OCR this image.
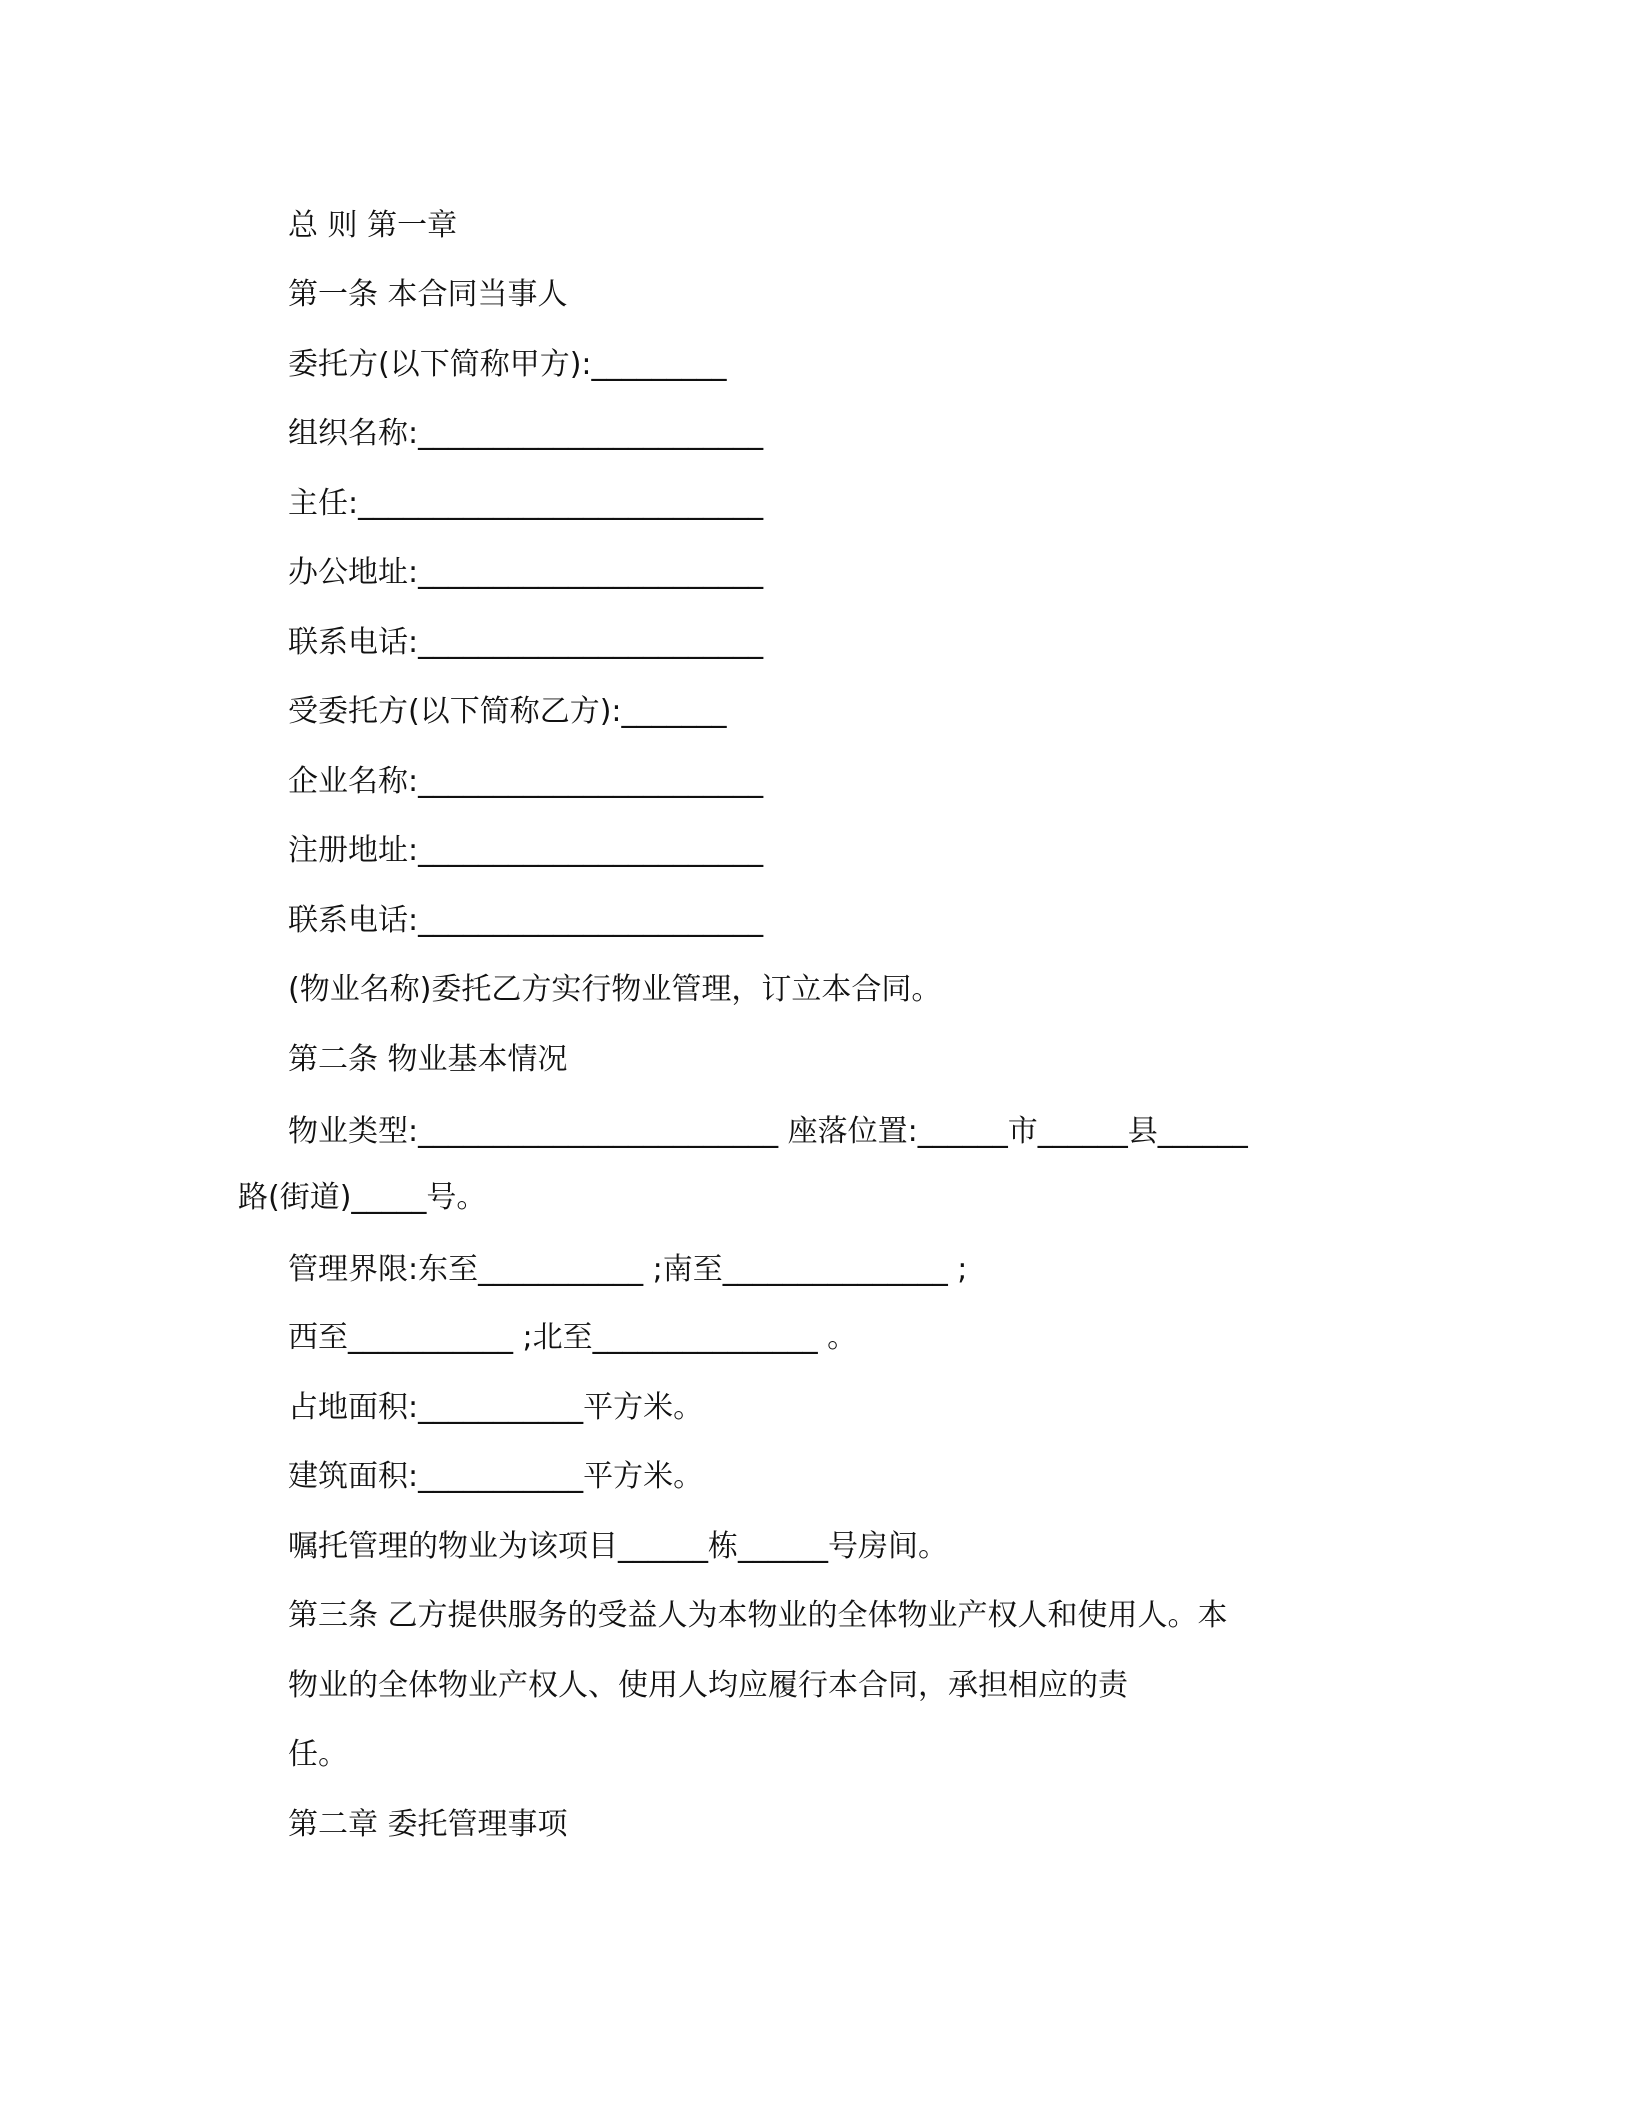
总 则 第一章
第一条 本合同当事人
委托方(以下简称甲方):_________
组织名称:_______________________
主任:___________________________
办公地址:_______________________
联系电话:_______________________
受委托方(以下简称乙方):_______
企业名称:_______________________
注册地址:_______________________
联系电话:_______________________
(物业名称)委托乙方实行物业管理，订立本合同。
第二条 物业基本情况
物业类型:________________________ 座落位置:______市______县______
路(街道)_____号。
管理界限:东至___________ ;南至_______________ ;
西至___________ ;北至_______________ 。
占地面积:___________平方米。
建筑面积:___________平方米。
嘱托管理的物业为该项目______栋______号房间。
第三条 乙方提供服务的受益人为本物业的全体物业产权人和使用人。本
物业的全体物业产权人、使用人均应履行本合同，承担相应的责
任。
第二章 委托管理事项
